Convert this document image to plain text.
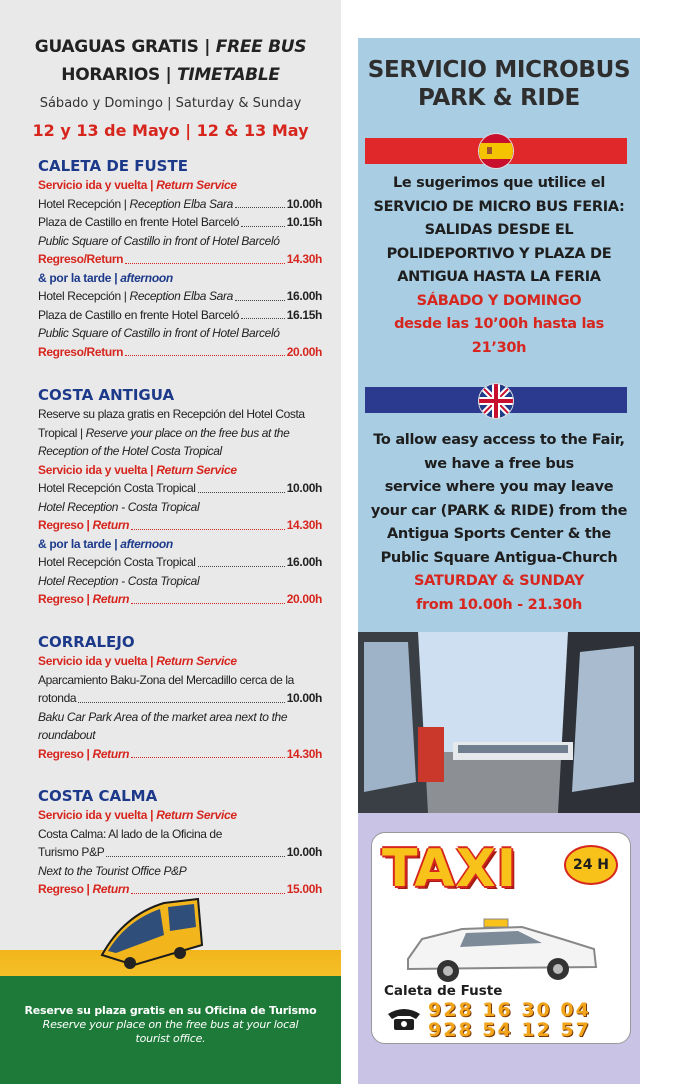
GUAGUAS GRATIS | FREE BUS
HORARIOS | TIMETABLE
Sábado y Domingo | Saturday & Sunday
12 y 13 de Mayo | 12 & 13 May
CALETA DE FUSTE
Servicio ida y vuelta | Return Service
Hotel Recepción | Reception Elba Sara	10.00h
Plaza de Castillo en frente Hotel Barceló	10.15h
Public Square of Castillo in front of Hotel Barceló
Regreso/Return	14.30h
& por la tarde | afternoon
Hotel Recepción | Reception Elba Sara	16.00h
Plaza de Castillo en frente Hotel Barceló	16.15h
Public Square of Castillo in front of Hotel Barceló
Regreso/Return	20.00h
COSTA ANTIGUA
Reserve su plaza gratis en Recepción del Hotel Costa
Tropical | Reserve your place on the free bus at the
Reception of the Hotel Costa Tropical
Servicio ida y vuelta | Return Service
Hotel Recepción Costa Tropical	10.00h
Hotel Reception - Costa Tropical
Regreso | Return	14.30h
& por la tarde | afternoon
Hotel Recepción Costa Tropical	16.00h
Hotel Reception - Costa Tropical
Regreso | Return	20.00h
CORRALEJO
Servicio ida y vuelta | Return Service
Aparcamiento Baku-Zona del Mercadillo cerca de la
rotonda	10.00h
Baku Car Park Area of the market area next to the
roundabout
Regreso | Return	14.30h
COSTA CALMA
Servicio ida y vuelta | Return Service
Costa Calma: Al lado de la Oficina de
Turismo P&P	10.00h
Next to the Tourist Office P&P
Regreso | Return	15.00h
Reserve su plaza gratis en su Oficina de Turismo
Reserve your place on the free bus at your local
tourist office.
SERVICIO MICROBUS
PARK & RIDE
Le sugerimos que utilice el
SERVICIO DE MICRO BUS FERIA:
SALIDAS DESDE EL
POLIDEPORTIVO Y PLAZA DE
ANTIGUA HASTA LA FERIA
SÁBADO Y DOMINGO
desde las 10’00h hasta las
21’30h
To allow easy access to the Fair,
we have a free bus
service where you may leave
your car (PARK & RIDE) from the
Antigua Sports Center & the
Public Square Antigua-Church
SATURDAY & SUNDAY
from 10.00h - 21.30h
TAXI	24 H
Caleta de Fuste
928 16 30 04
928 54 12 57
